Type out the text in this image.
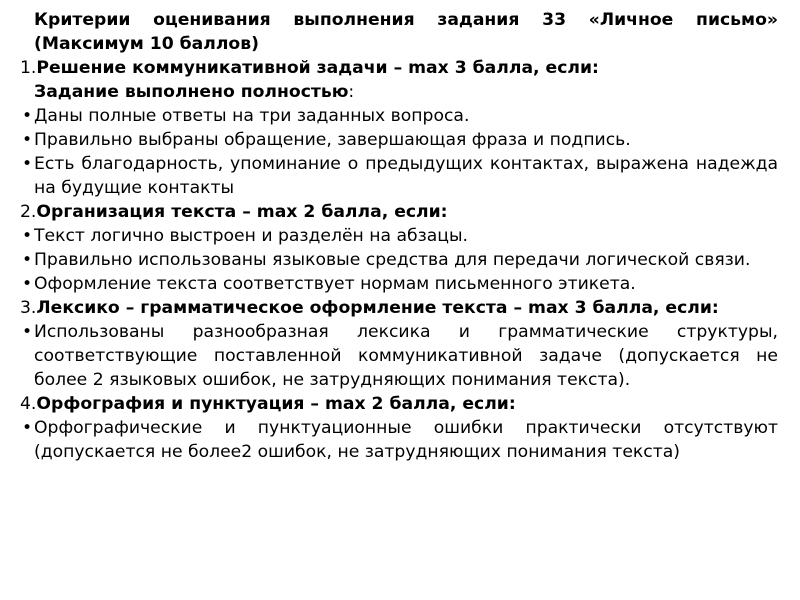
Критерии оценивания выполнения задания 33 «Личное письмо» (Максимум 10 баллов)
1. Решение коммуникативной задачи – max 3 балла, если:
Задание выполнено полностью:
• Даны полные ответы на три заданных вопроса.
• Правильно выбраны обращение, завершающая фраза и подпись.
• Есть благодарность, упоминание о предыдущих контактах, выражена надежда на будущие контакты
2. Организация текста – max 2 балла, если:
• Текст логично выстроен и разделён на абзацы.
• Правильно использованы языковые средства для передачи логической связи.
• Оформление текста соответствует нормам письменного этикета.
3. Лексико – грамматическое оформление текста – max 3 балла, если:
• Использованы разнообразная лексика и грамматические структуры, соответствующие поставленной коммуникативной задаче (допускается не более 2 языковых ошибок, не затрудняющих понимания текста).
4. Орфография и пунктуация – max 2 балла, если:
• Орфографические и пунктуационные ошибки практически отсутствуют (допускается не более2 ошибок, не затрудняющих понимания текста)
